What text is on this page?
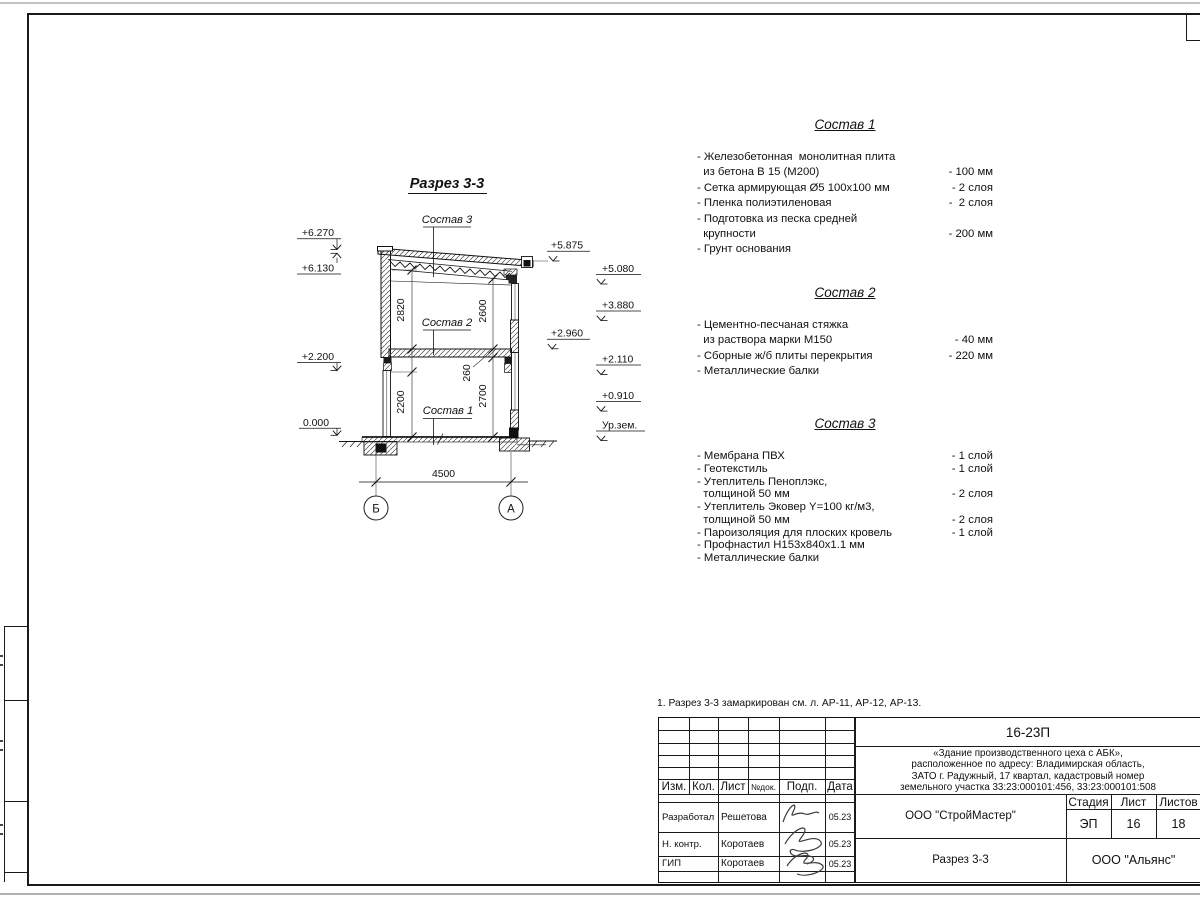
2820
2200
2600
2700
260
4500
Б	А
Разрез 3-3
Состав 3
Состав 2
Состав 1
+6.270
+6.130
+2.200
0.000
+5.875
+2.960
+5.080
+3.880
+2.110
+0.910
Ур.зем.
Состав 1
- Железобетонная  монолитная плита
из бетона В 15 (М200)	- 100 мм
- Сетка армирующая Ø5 100х100 мм	- 2 слоя
- Пленка полиэтиленовая	-  2 слоя
- Подготовка из песка средней
крупности	- 200 мм
- Грунт основания
Состав 2
- Цементно-песчаная стяжка
из раствора марки М150	- 40 мм
- Сборные ж/б плиты перекрытия	- 220 мм
- Металлические балки
Состав 3
- Мембрана ПВХ	- 1 слой
- Геотекстиль	- 1 слой
- Утеплитель Пеноплэкс,
толщиной 50 мм	- 2 слоя
- Утеплитель Эковер Y=100 кг/м3,
толщиной 50 мм	- 2 слоя
- Пароизоляция для плоских кровель	- 1 слой
- Профнастил Н153х840х1.1 мм
- Металлические балки
1. Разрез 3-3 замаркирован см. л. АР-11, АР-12, АР-13.
Изм. Кол. Лист №док. Подп. Дата
Разработал Решетова	05.23
Н. контр.	Коротаев	05.23
ГИП	Коротаев	05.23
16-23П
«Здание производственного цеха с АБК»,
расположенное по адресу: Владимирская область,
ЗАТО г. Радужный, 17 квартал, кадастровый номер
земельного участка 33:23:000101:456, 33:23:000101:508
ООО "СтройМастер"
Стадия	Лист	Листов
ЭП	16	18
Разрез 3-3	ООО "Альянс"
